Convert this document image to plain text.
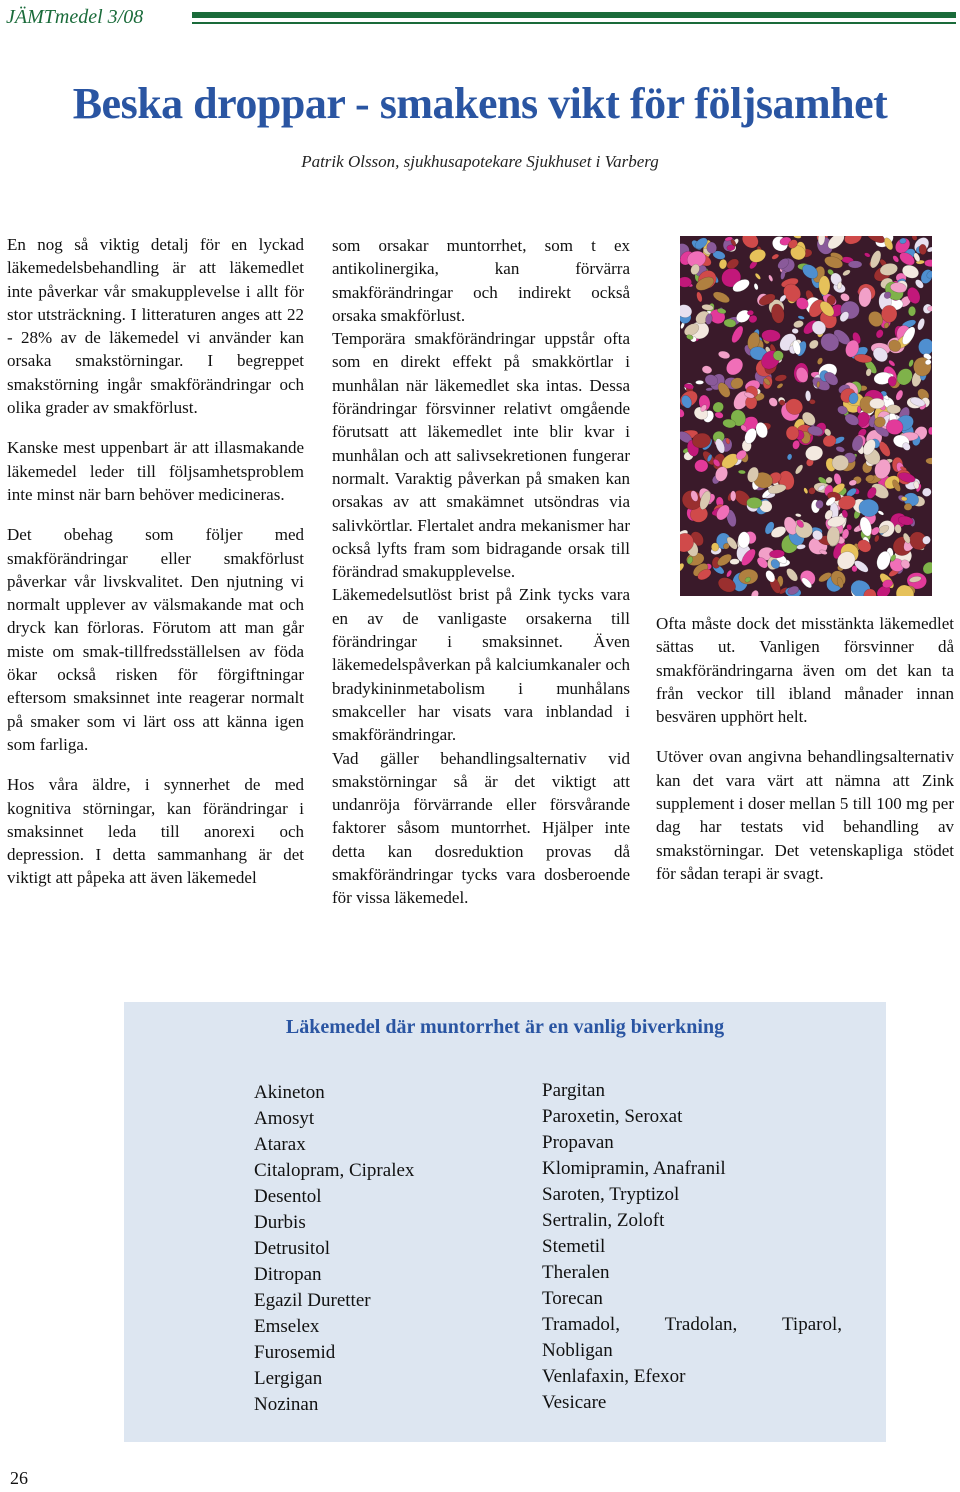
JÄMTmedel 3/08
Beska droppar - smakens vikt för följsamhet
Patrik Olsson, sjukhusapotekare Sjukhuset i Varberg

En nog så viktig detalj för en lyckad läkemedelsbehandling är att läkemedlet inte påverkar vår smakupplevelse i allt för stor utsträckning. I litteraturen anges att 22 - 28% av de läkemedel vi använder kan orsaka smakstörningar. I begreppet smakstörning ingår smakförändringar och olika grader av smakförlust.

Kanske mest uppenbart är att illasmakande läkemedel leder till följsamhetsproblem inte minst när barn behöver medicineras.

Det obehag som följer med smakförändringar eller smakförlust påverkar vår livskvalitet. Den njutning vi normalt upplever av välsmakande mat och dryck kan förloras. Förutom att man går miste om smak-tillfredsställelsen av föda ökar också risken för förgiftningar eftersom smaksinnet inte reagerar normalt på smaker som vi lärt oss att känna igen som farliga.

Hos våra äldre, i synnerhet de med kognitiva störningar, kan förändringar i smaksinnet leda till anorexi och depression. I detta sammanhang är det viktigt att påpeka att även läkemedel

som orsakar muntorrhet, som t ex antikolinergika, kan förvärra smakförändringar och indirekt också orsaka smakförlust.

Temporära smakförändringar uppstår ofta som en direkt effekt på smakkörtlar i munhålan när läkemedlet ska intas. Dessa förändringar försvinner relativt omgående förutsatt att läkemedlet inte blir kvar i munhålan och att salivsekretionen fungerar normalt. Varaktig påverkan på smaken kan orsakas av att smakämnet utsöndras via salivkörtlar. Flertalet andra mekanismer har också lyfts fram som bidragande orsak till förändrad smakupplevelse.

Läkemedelsutlöst brist på Zink tycks vara en av de vanligaste orsakerna till förändringar i smaksinnet. Även läkemedelspåverkan på kalciumkanaler och bradykininmetabolism i munhålans smakceller har visats vara inblandad i smakförändringar.

Vad gäller behandlingsalternativ vid smakstörningar så är det viktigt att undanröja förvärrande eller försvårande faktorer såsom muntorrhet. Hjälper inte detta kan dosreduktion provas då smakförändringar tycks vara dosberoende för vissa läkemedel.

Ofta måste dock det misstänkta läkemedlet sättas ut. Vanligen försvinner då smakförändringarna även om det kan ta från veckor till ibland månader innan besvären upphört helt.

Utöver ovan angivna behandlingsalternativ kan det vara värt att nämna att Zink supplement i doser mellan 5 till 100 mg per dag har testats vid behandling av smakstörningar. Det vetenskapliga stödet för sådan terapi är svagt.

Läkemedel där muntorrhet är en vanlig biverkning
Akineton
Amosyt
Atarax
Citalopram, Cipralex
Desentol
Durbis
Detrusitol
Ditropan
Egazil Duretter
Emselex
Furosemid
Lergigan
Nozinan
Pargitan
Paroxetin, Seroxat
Propavan
Klomipramin, Anafranil
Saroten, Tryptizol
Sertralin, Zoloft
Stemetil
Theralen
Torecan
Tramadol, Tradolan, Tiparol,
Nobligan
Venlafaxin, Efexor
Vesicare
26
